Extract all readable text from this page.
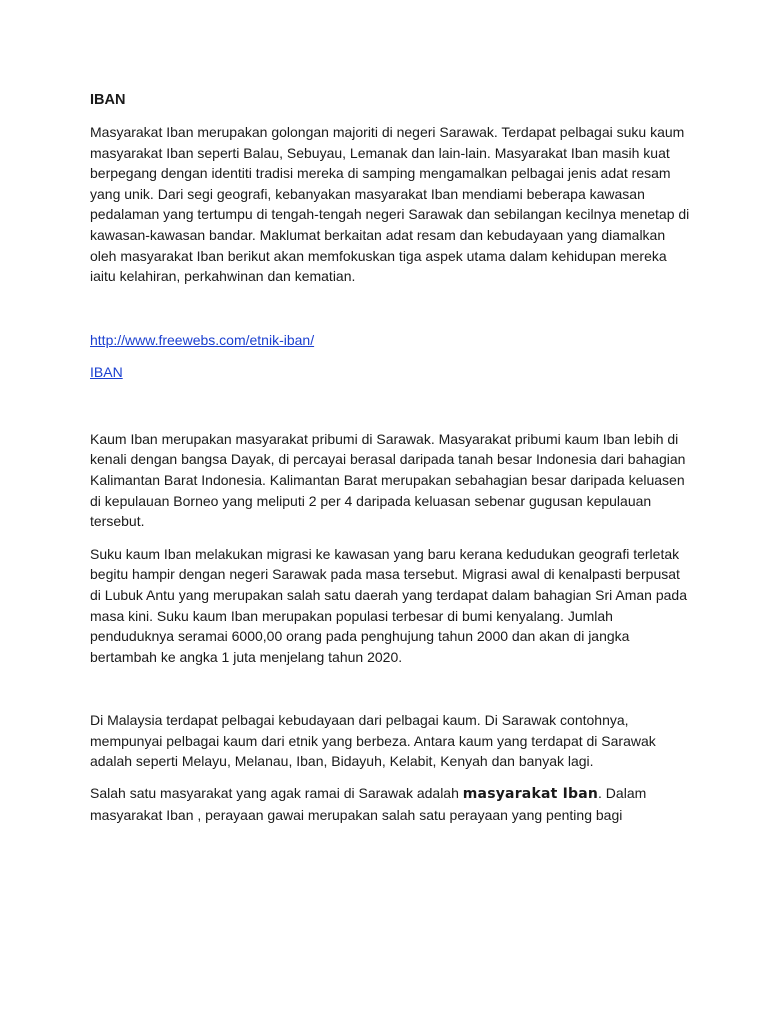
IBAN

Masyarakat Iban merupakan golongan majoriti di negeri Sarawak. Terdapat pelbagai suku kaum masyarakat Iban seperti Balau, Sebuyau, Lemanak dan lain-lain. Masyarakat Iban masih kuat berpegang dengan identiti tradisi mereka di samping mengamalkan pelbagai jenis adat resam yang unik. Dari segi geografi, kebanyakan masyarakat Iban mendiami beberapa kawasan pedalaman yang tertumpu di tengah-tengah negeri Sarawak dan sebilangan kecilnya menetap di kawasan-kawasan bandar. Maklumat berkaitan adat resam dan kebudayaan yang diamalkan oleh masyarakat Iban berikut akan memfokuskan tiga aspek utama dalam kehidupan mereka iaitu kelahiran, perkahwinan dan kematian.

http://www.freewebs.com/etnik-iban/
IBAN

Kaum Iban merupakan masyarakat pribumi di Sarawak. Masyarakat pribumi kaum Iban lebih di kenali dengan bangsa Dayak, di percayai berasal daripada tanah besar Indonesia dari bahagian Kalimantan Barat Indonesia. Kalimantan Barat merupakan sebahagian besar daripada keluasen di kepulauan Borneo yang meliputi 2 per 4 daripada keluasan sebenar gugusan kepulauan tersebut.

Suku kaum Iban melakukan migrasi ke kawasan yang baru kerana kedudukan geografi terletak begitu hampir dengan negeri Sarawak pada masa tersebut. Migrasi awal di kenalpasti berpusat di Lubuk Antu yang merupakan salah satu daerah yang terdapat dalam bahagian Sri Aman pada masa kini. Suku kaum Iban merupakan populasi terbesar di bumi kenyalang. Jumlah penduduknya seramai 6000,00 orang pada penghujung tahun 2000 dan akan di jangka bertambah ke angka 1 juta menjelang tahun 2020.

Di Malaysia terdapat pelbagai kebudayaan dari pelbagai kaum. Di Sarawak contohnya, mempunyai pelbagai kaum dari etnik yang berbeza. Antara kaum yang terdapat di Sarawak adalah seperti Melayu, Melanau, Iban, Bidayuh, Kelabit, Kenyah dan banyak lagi.

Salah satu masyarakat yang agak ramai di Sarawak adalah masyarakat Iban. Dalam masyarakat Iban , perayaan gawai merupakan salah satu perayaan yang penting bagi
